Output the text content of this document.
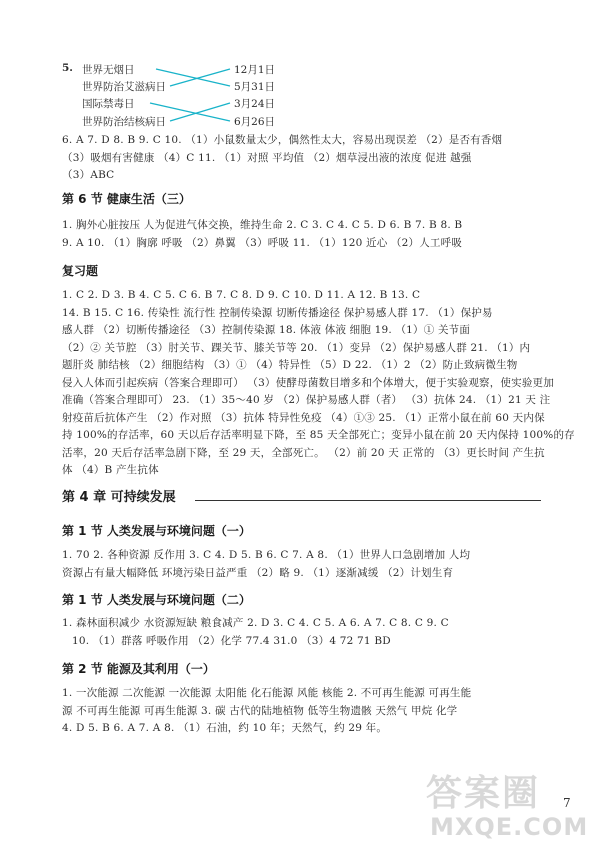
5. 世界无烟日
世界防治艾滋病日
国际禁毒日
世界防治结核病日
12月1日
5月31日
3月24日
6月26日
6. A 7. D 8. B 9. C 10. （1）小鼠数量太少，偶然性太大，容易出现误差 （2）是否有香烟
（3）吸烟有害健康 （4）C 11. （1）对照 平均值 （2）烟草浸出液的浓度 促进 越强
（3）ABC
第 6 节 健康生活（三）
1. 胸外心脏按压 人为促进气体交换，维持生命 2. C 3. C 4. C 5. D 6. B 7. B 8. B
9. A 10. （1）胸廓 呼吸 （2）鼻翼 （3）呼吸 11. （1）120 近心 （2）人工呼吸
复习题
1. C 2. D 3. B 4. C 5. C 6. B 7. C 8. D 9. C 10. D 11. A 12. B 13. C
14. B 15. C 16. 传染性 流行性 控制传染源 切断传播途径 保护易感人群 17. （1）保护易
感人群 （2）切断传播途径 （3）控制传染源 18. 体液 体液 细胞 19. （1）① 关节面
（2）② 关节腔 （3）肘关节、踝关节、膝关节等 20. （1）变异 （2）保护易感人群 21. （1）内
题肝炎 肺结核 （2）细胞结构 （3）① （4）特异性 （5）D 22. （1）2 （2）防止致病微生物
侵入人体而引起疾病（答案合理即可） （3）使酵母菌数目增多和个体增大，便于实验观察，使实验更加
准确（答案合理即可） 23. （1）35～40 岁 （2）保护易感人群（者） （3）抗体 24. （1）21 天 注
射疫苗后抗体产生 （2）作对照 （3）抗体 特异性免疫 （4）①③ 25. （1）正常小鼠在前 60 天内保
持 100%的存活率，60 天以后存活率明显下降，至 85 天全部死亡；变异小鼠在前 20 天内保持 100%的存
活率，20 天后存活率急剧下降，至 29 天，全部死亡。 （2）前 20 天 正常的 （3）更长时间 产生抗
体 （4）B 产生抗体
第 4 章 可持续发展
第 1 节 人类发展与环境问题（一）
1. 70 2. 各种资源 反作用 3. C 4. D 5. B 6. C 7. A 8. （1）世界人口急剧增加 人均
资源占有量大幅降低 环境污染日益严重 （2）略 9. （1）逐渐减缓 （2）计划生育
第 1 节 人类发展与环境问题（二）
1. 森林面积减少 水资源短缺 粮食减产 2. D 3. C 4. C 5. A 6. A 7. C 8. C 9. C
10. （1）群落 呼吸作用 （2）化学 77.4 31.0 （3）4 72 71 BD
第 2 节 能源及其利用（一）
1. 一次能源 二次能源 一次能源 太阳能 化石能源 风能 核能 2. 不可再生能源 可再生能
源 不可再生能源 可再生能源 3. 碳 古代的陆地植物 低等生物遗骸 天然气 甲烷 化学
4. D 5. B 6. A 7. A 8. （1）石油，约 10 年；天然气，约 29 年。
答案圈
MXQE.COM
7
